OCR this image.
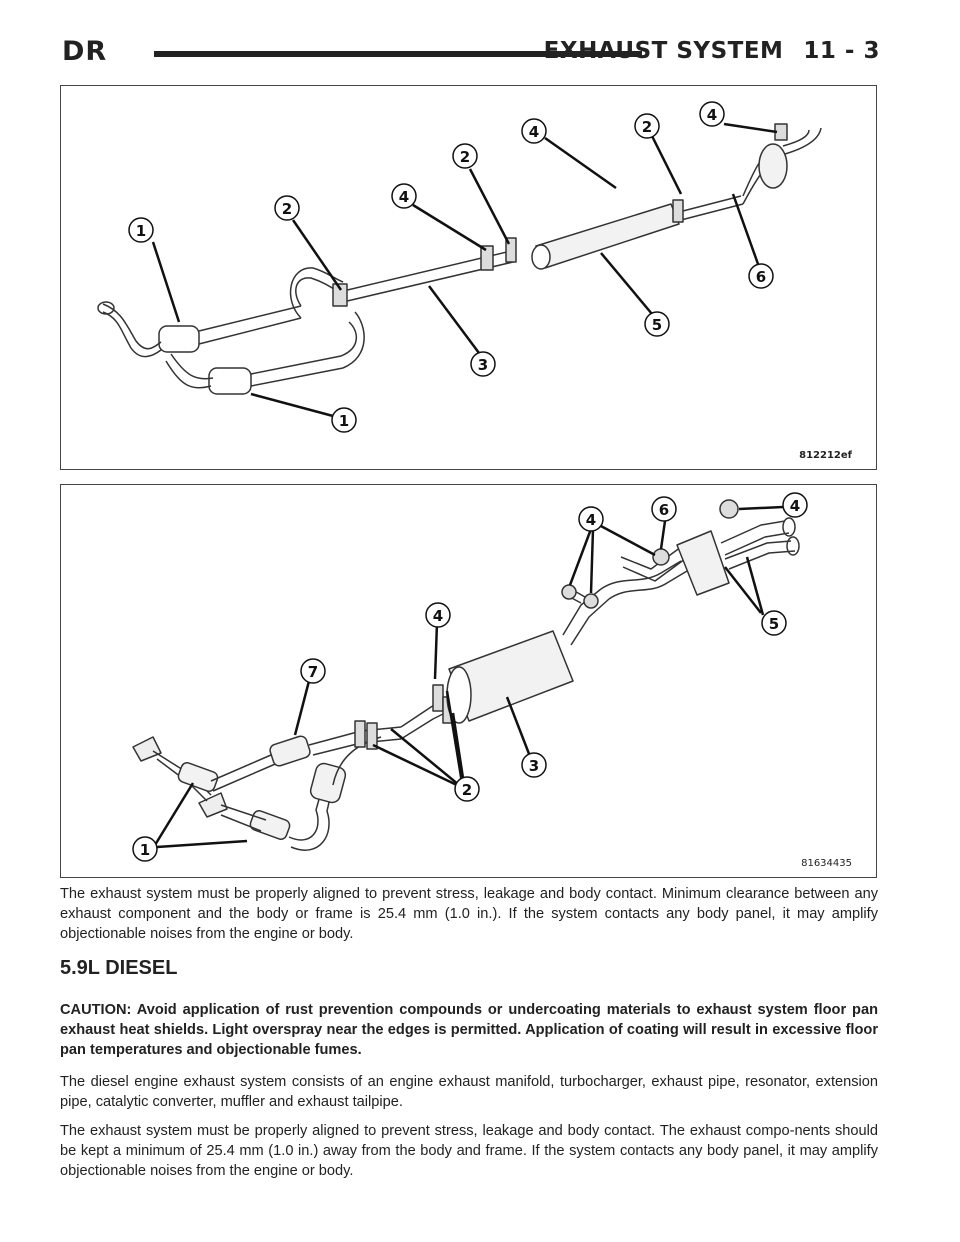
DR	EXHAUST SYSTEM 11 - 3
1
2
4
2
4	2
4
6
5
3
1
812212ef
4
6	4
4
7
5
3
2
1
81634435

The exhaust system must be properly aligned to prevent stress, leakage and body contact. Minimum clearance between any exhaust component and the body or frame is 25.4 mm (1.0 in.). If the system contacts any body panel, it may amplify objectionable noises from the engine or body.

5.9L DIESEL

CAUTION: Avoid application of rust prevention compounds or undercoating materials to exhaust system floor pan exhaust heat shields. Light overspray near the edges is permitted. Application of coating will result in excessive floor pan temperatures and objectionable fumes.

The diesel engine exhaust system consists of an engine exhaust manifold, turbocharger, exhaust pipe, resonator, extension pipe, catalytic converter, muffler and exhaust tailpipe.

The exhaust system must be properly aligned to prevent stress, leakage and body contact. The exhaust compo-nents should be kept a minimum of 25.4 mm (1.0 in.) away from the body and frame. If the system contacts any body panel, it may amplify objectionable noises from the engine or body.
